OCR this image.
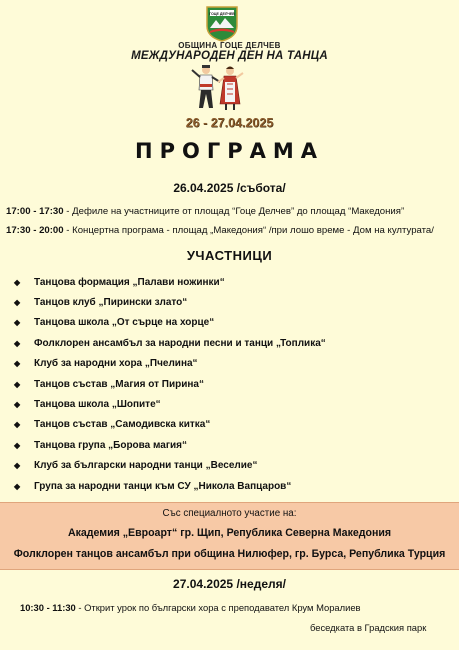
ГОЦЕ ДЕЛЧЕВ
ОБЩИНА ГОЦЕ ДЕЛЧЕВ
МЕЖДУНАРОДЕН ДЕН НА ТАНЦА
26 - 27.04.2025
ПРОГРАМА
26.04.2025 /събота/
17:00 - 17:30 - Дефиле на участниците от площад “Гоце Делчев” до площад “Македония”
17:30 - 20:00 - Концертна програма - площад „Македония“ /при лошо време - Дом на културата/
УЧАСТНИЦИ
◆	Танцова формация „Палави ножинки“
◆	Танцов клуб „Пирински злато“
◆	Танцова школа „От сърце на хорце“
◆	Фолклорен ансамбъл за народни песни и танци „Топлика“
◆	Клуб за народни хора „Пчелина“
◆	Танцов състав „Магия от Пирина“
◆	Танцова школа „Шопите“
◆	Танцов състав „Самодивска китка“
◆	Танцова група „Борова магия“
◆	Клуб за български народни танци „Веселие“
◆	Група за народни танци към СУ „Никола Вапцаров“
Със специалното участие на:
Академия „Евроарт“ гр. Щип, Република Северна Македония
Фолклорен танцов ансамбъл при община Нилюфер, гр. Бурса, Република Турция
27.04.2025 /неделя/
10:30 - 11:30 - Открит урок по български хора с преподавател Крум Моралиев
беседката в Градския парк
